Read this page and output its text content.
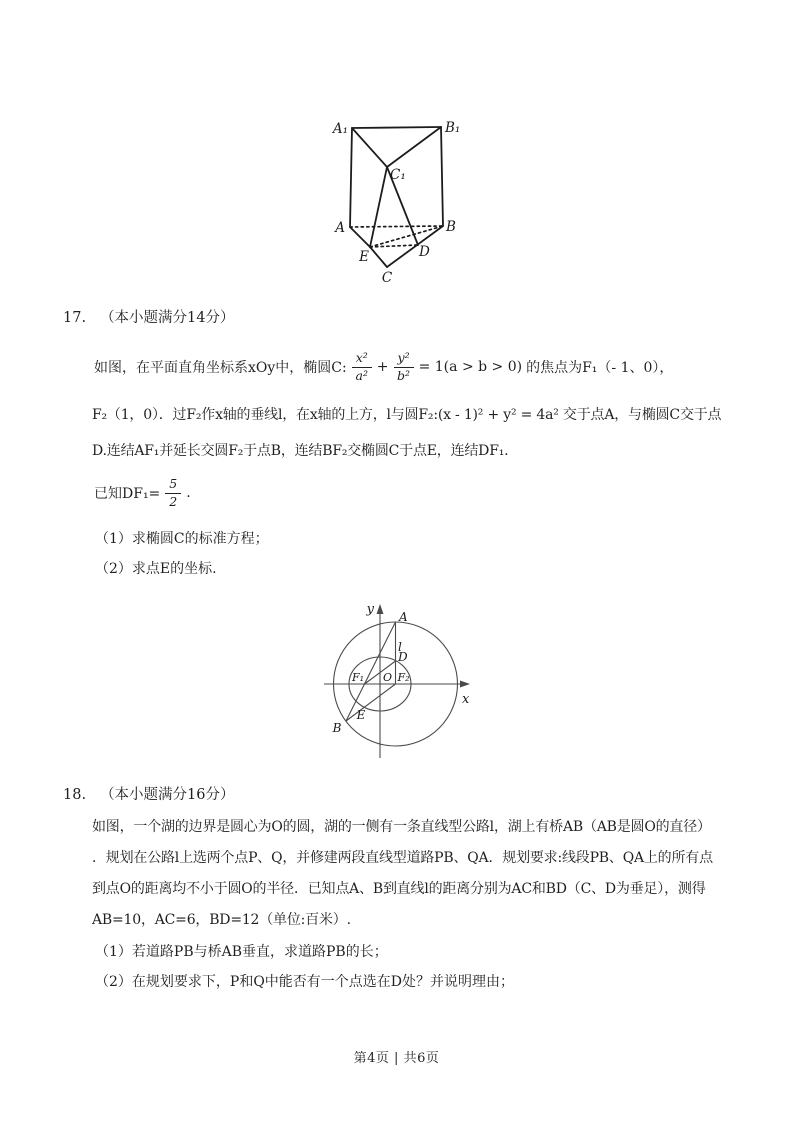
A₁	B₁
C₁
A	B
E	D
C
17. （本小题满分14分）
如图，在平面直角坐标系xOy中，椭圆C: $\frac{\text{x²}}{\text{a²}} + \frac{\text{y²}}{\text{b²}} = 1(a > b > 0)$ 的焦点为F₁（- 1、0），
F₂（1，0）．过F₂作x轴的垂线l，在x轴的上方，l与圆F₂:(x - 1)² + y² = 4a² 交于点A，与椭圆C交于点
D.连结AF₁并延长交圆F₂于点B，连结BF₂交椭圆C于点E，连结DF₁.
已知$DF_1= \frac{5}{2}$ .
（1）求椭圆C的标准方程；
（2）求点E的坐标.
y
x
A
l
D
F₁ O F₂
E
B
18. （本小题满分16分）
如图，一个湖的边界是圆心为O的圆，湖的一侧有一条直线型公路l，湖上有桥AB（AB是圆O的直径）
．规划在公路l上选两个点P、Q，并修建两段直线型道路PB、QA．规划要求:线段PB、QA上的所有点
到点O的距离均不小于圆O的半径．已知点A、B到直线l的距离分别为AC和BD（C、D为垂足），测得
AB=10，AC=6，BD=12（单位:百米）.
（1）若道路PB与桥AB垂直，求道路PB的长；
（2）在规划要求下，P和Q中能否有一个点选在D处？并说明理由；
第4页 | 共6页
